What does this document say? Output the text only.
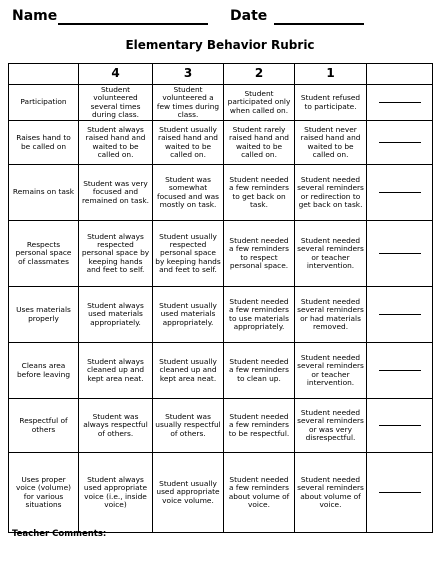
Name	Date
Elementary Behavior Rubric
	4	3	2	1	
Participation	Student volunteered several times during class.	Student volunteered a few times during class.	Student participated only when called on.	Student refused to participate.	
Raises hand to be called on	Student always raised hand and waited to be called on.	Student usually raised hand and waited to be called on.	Student rarely raised hand and waited to be called on.	Student never raised hand and waited to be called on.	
Remains on task	Student was very focused and remained on task.	Student was somewhat focused and was mostly on task.	Student needed a few reminders to get back on task.	Student needed several reminders or redirection to get back on task.	
Respects personal space of classmates	Student always respected personal space by keeping hands and feet to self.	Student usually respected personal space by keeping hands and feet to self.	Student needed a few reminders to respect personal space.	Student needed several reminders or teacher intervention.	
Uses materials properly	Student always used materials appropriately.	Student usually used materials appropriately.	Student needed a few reminders to use materials appropriately.	Student needed several reminders or had materials removed.	
Cleans area before leaving	Student always cleaned up and kept area neat.	Student usually cleaned up and kept area neat.	Student needed a few reminders to clean up.	Student needed several reminders or teacher intervention.	
Respectful of others	Student was always respectful of others.	Student was usually respectful of others.	Student needed a few reminders to be respectful.	Student needed several reminders or was very disrespectful.	
Uses proper voice (volume) for various situations	Student always used appropriate voice (i.e., inside voice)	Student usually used appropriate voice volume.	Student needed a few reminders about volume of voice.	Student needed several reminders about volume of voice.	
Teacher Comments:
